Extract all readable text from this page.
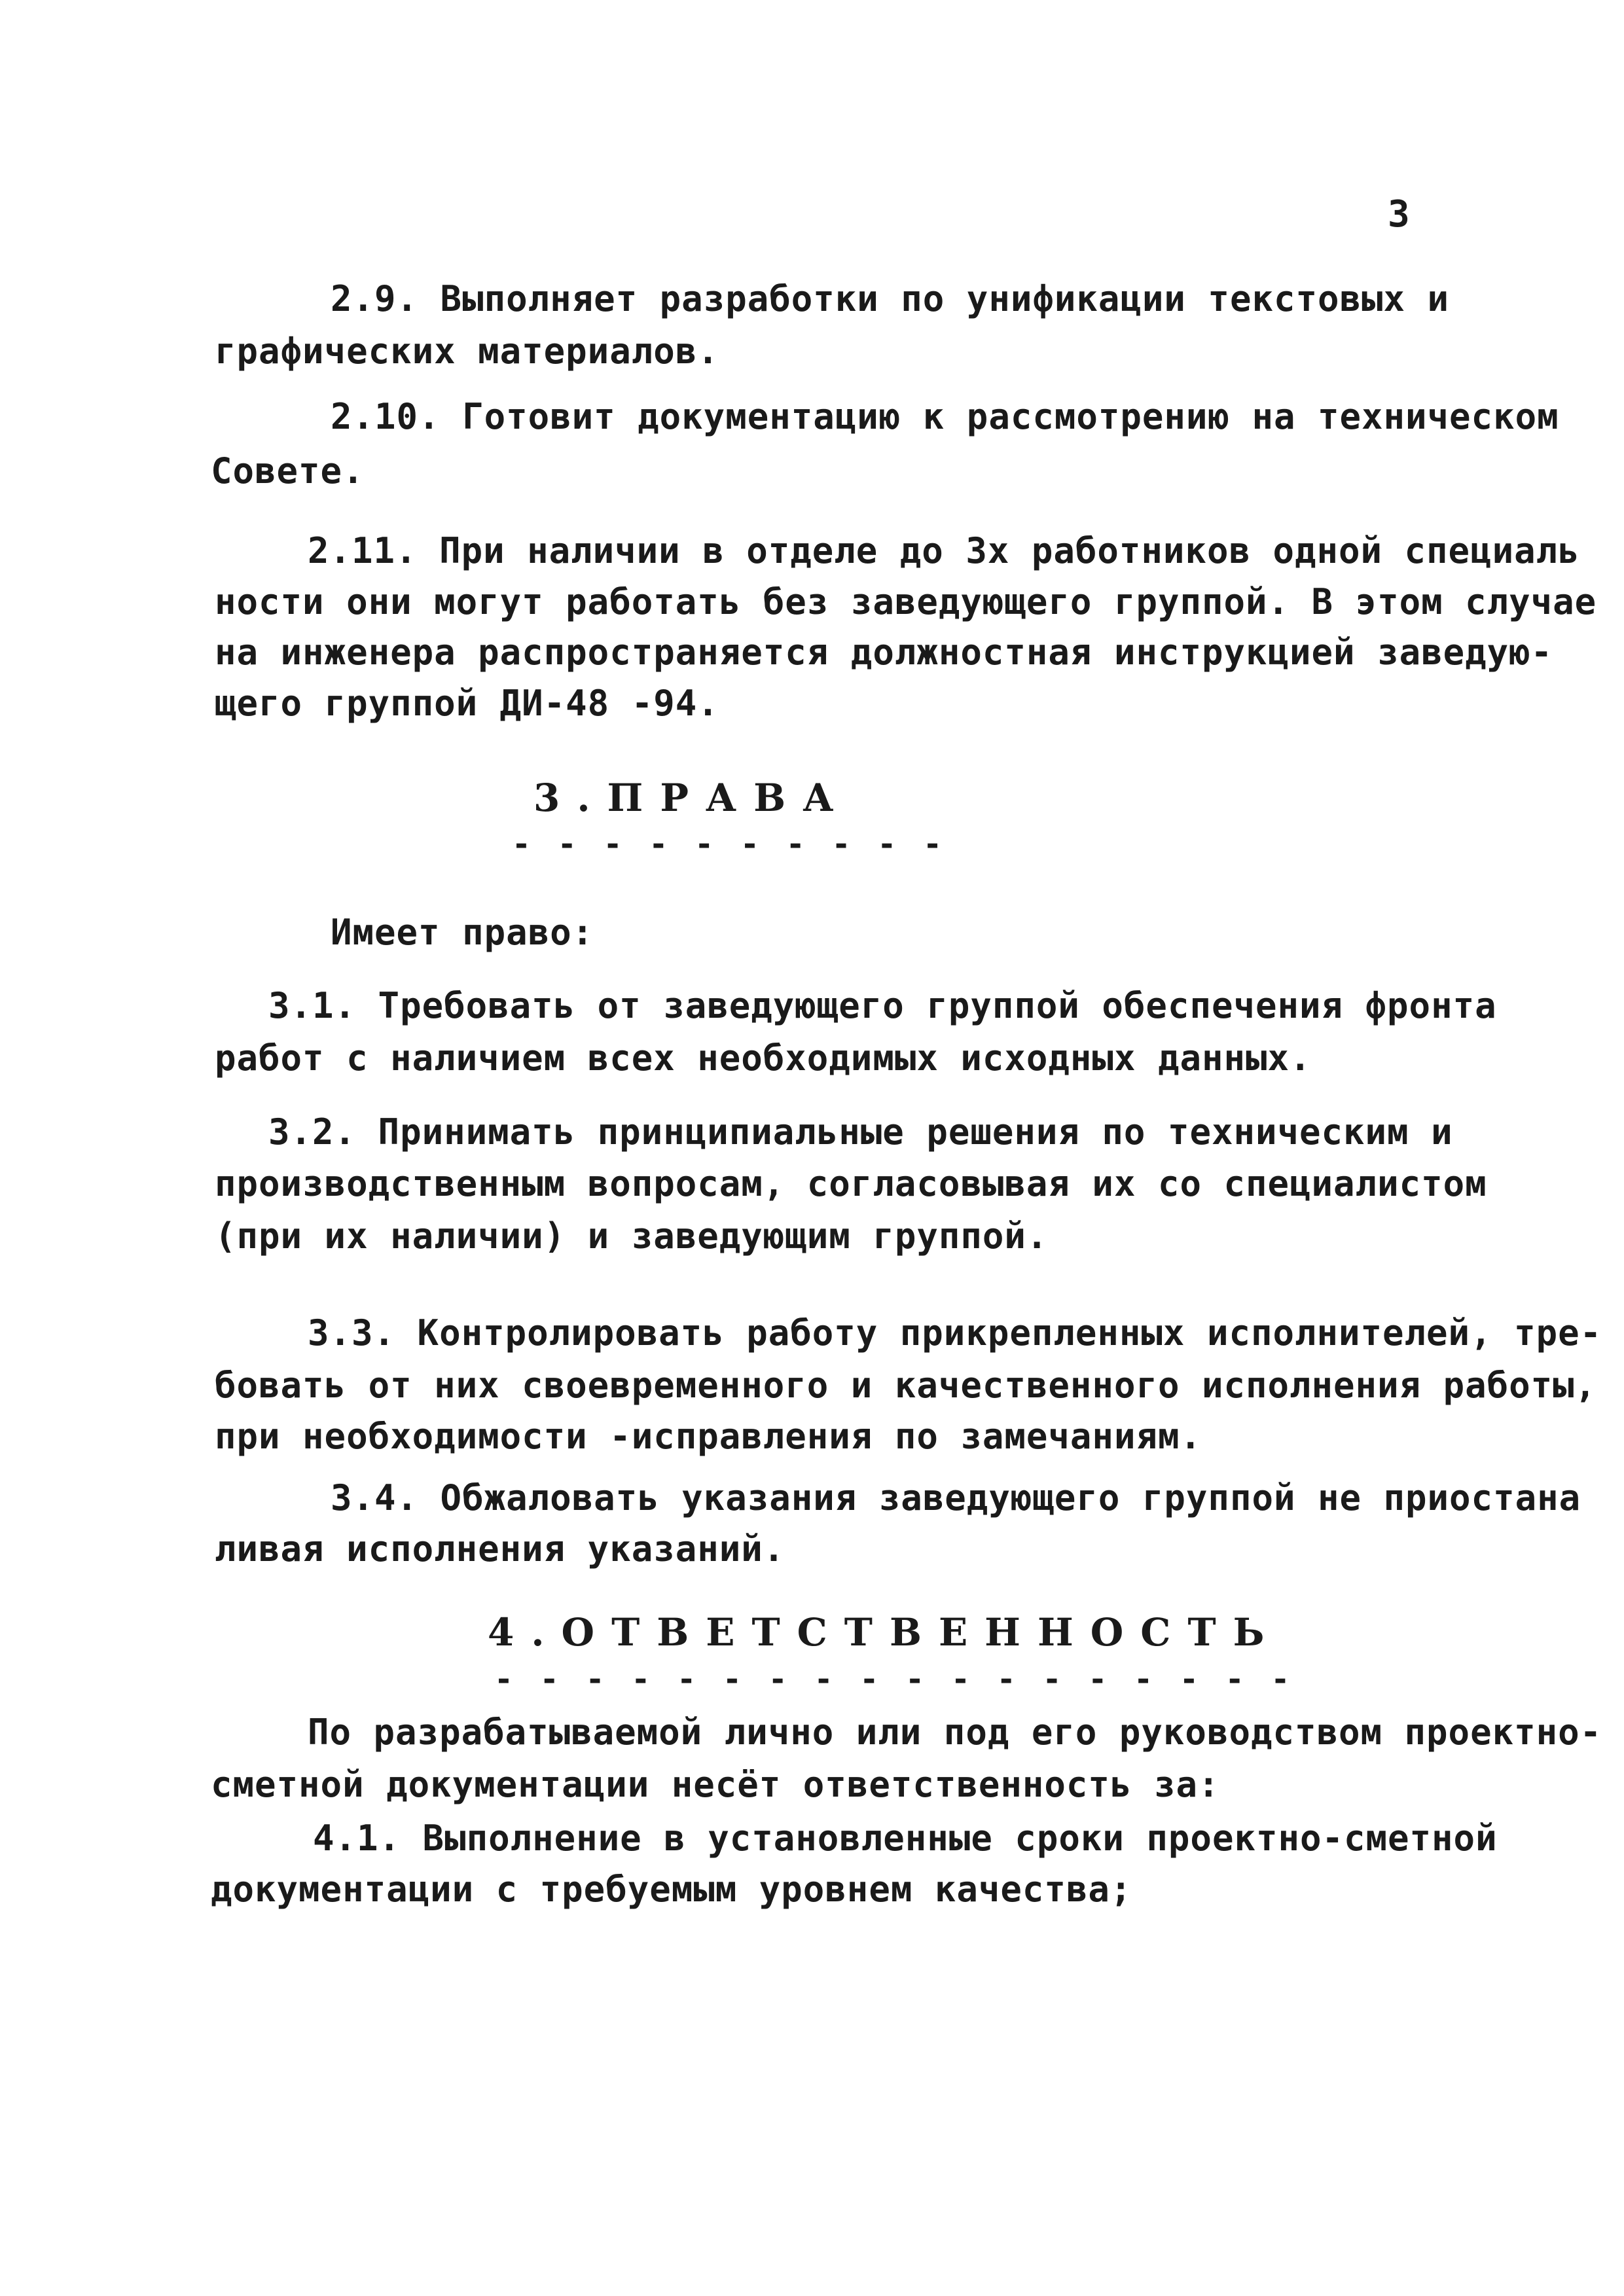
3
2.9. Выполняет разработки по унификации текстовых и
графических материалов.
2.10. Готовит документацию к рассмотрению на техническом
Совете.
2.11. При наличии в отделе до 3х работников одной специаль
ности они могут работать без заведующего группой. В этом случае
на инженера распространяется должностная инструкцией заведую-
щего группой ДИ-48 -94.
3.ПРАВА
- - - - - - - - - -
Имеет право:
3.1. Требовать от заведующего группой обеспечения фронта
работ с наличием всех необходимых исходных данных.
3.2. Принимать принципиальные решения по техническим и
производственным вопросам, согласовывая их со специалистом
(при их наличии) и заведующим группой.
3.3. Контролировать работу прикрепленных исполнителей, тре-
бовать от них своевременного и качественного исполнения работы,
при необходимости -исправления по замечаниям.
3.4. Обжаловать указания заведующего группой не приостана
ливая исполнения указаний.
4.ОТВЕТСТВЕННОСТЬ
- - - - - - - - - - - - - - - - - -
По разрабатываемой лично или под его руководством проектно-
сметной документации несёт ответственность за:
4.1. Выполнение в установленные сроки проектно-сметной
документации с требуемым уровнем качества;
